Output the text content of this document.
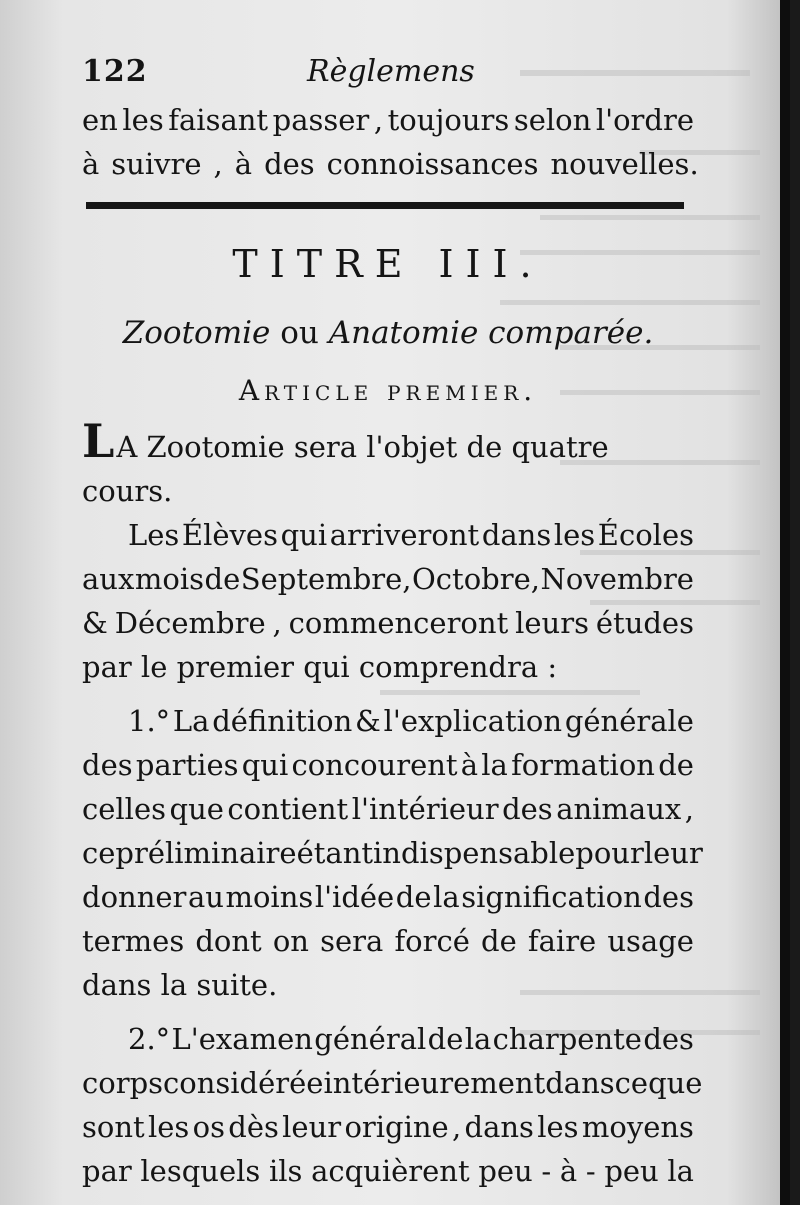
122	Règlemens
en les faisant passer , toujours selon l'ordre
à suivre , à des connoissances nouvelles.
TITRE III.
Zootomie ou Anatomie comparée.
Article premier.
LA Zootomie sera l'objet de quatre cours.
Les Élèves qui arriveront dans les Écoles
aux mois de Septembre, Octobre, Novembre
& Décembre , commenceront leurs études
par le premier qui comprendra :
1.° La définition & l'explication générale
des parties qui concourent à la formation de
celles que contient l'intérieur des animaux ,
ce préliminaire étant indispensable pour leur
donner au moins l'idée de la signification des
termes dont on sera forcé de faire usage
dans la suite.
2.° L'examen général de la charpente des
corps considérée intérieurement dans ce que
sont les os dès leur origine , dans les moyens
par lesquels ils acquièrent peu - à - peu la
